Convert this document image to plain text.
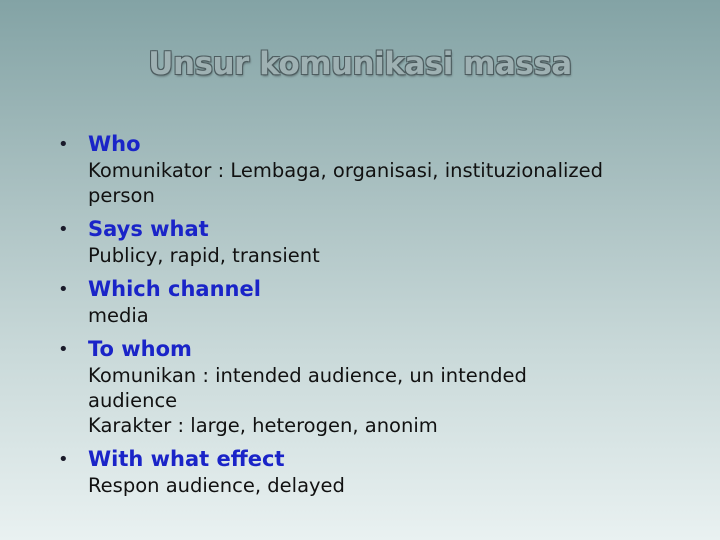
Unsur komunikasi massa
• Who
Komunikator : Lembaga, organisasi, instituzionalized
person
• Says what
Publicy, rapid, transient
• Which channel
media
• To whom
Komunikan : intended audience, un intended
audience
Karakter : large, heterogen, anonim
• With what effect
Respon audience, delayed
